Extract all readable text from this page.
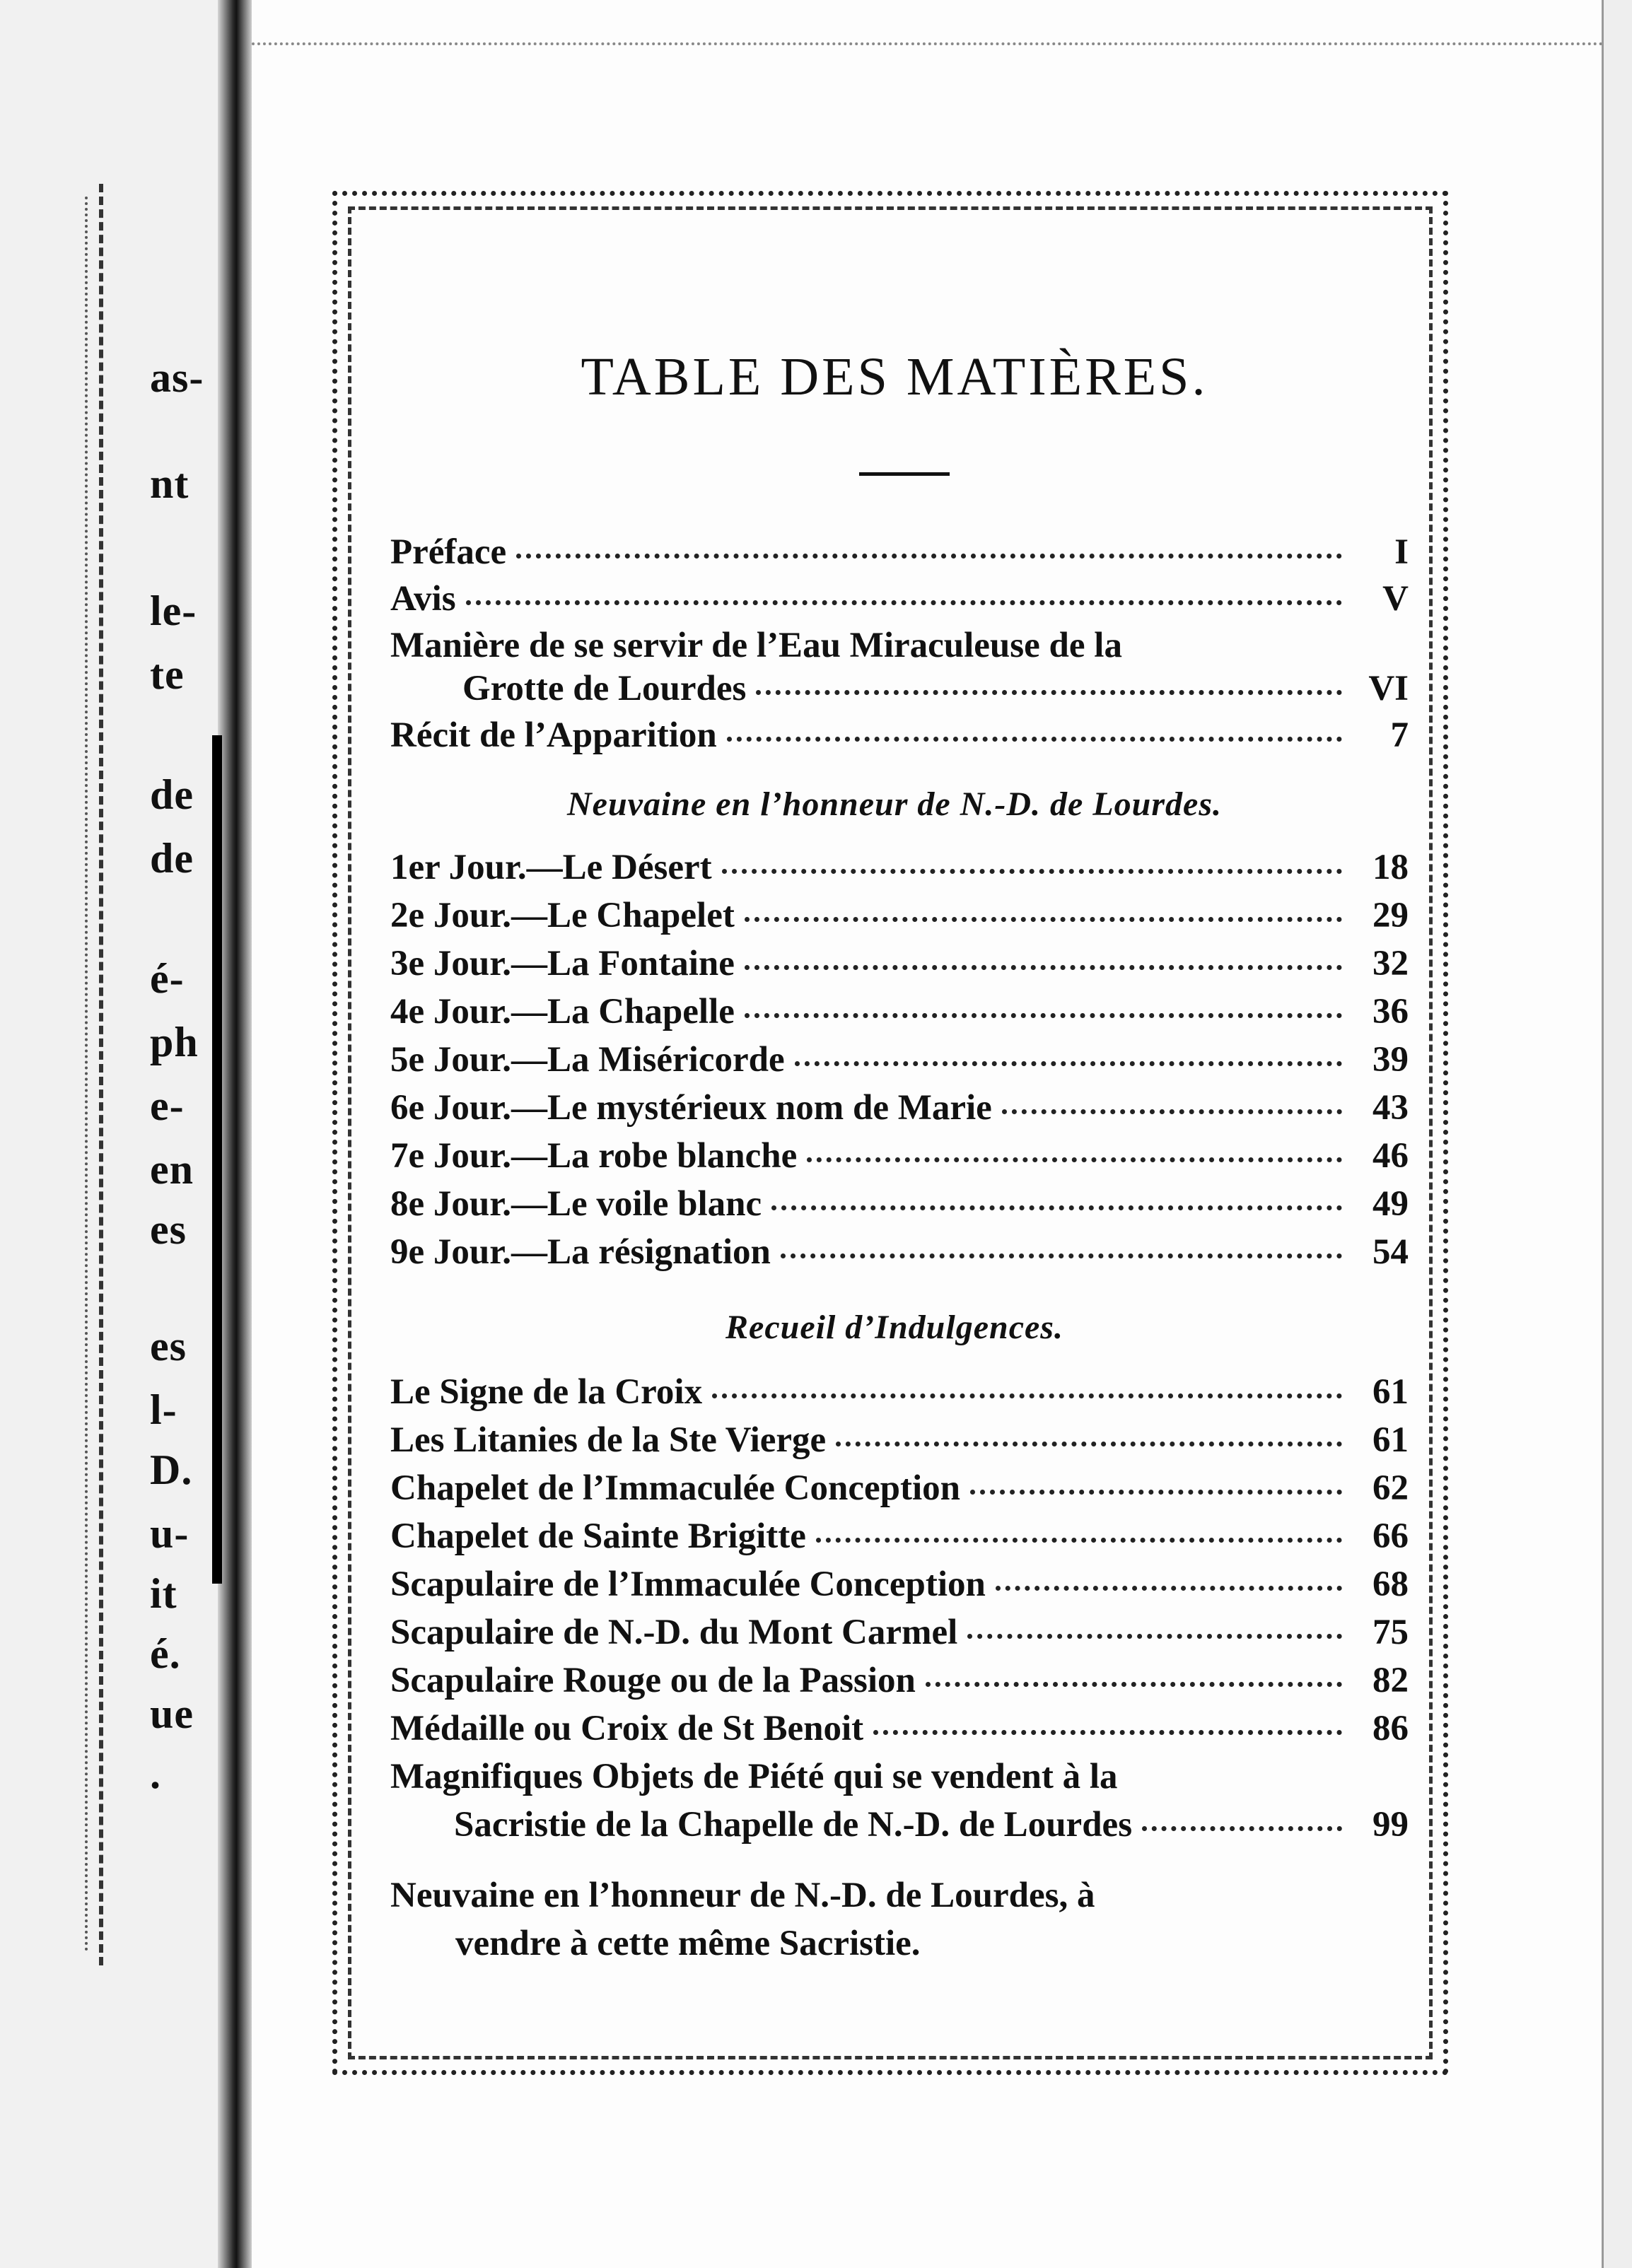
as-
nt
le-
te
de
de
é-
ph
e-
en
es
es
l-
D.
u-
it
é.
ue
.
TABLE DES MATIÈRES.
Préface	I
Avis	V
Manière de se servir de l’Eau Miraculeuse de la
Grotte de Lourdes	VI
Récit de l’Apparition	7
Neuvaine en l’honneur de N.-D. de Lourdes.
1er Jour.—Le Désert	18
2e Jour.—Le Chapelet	29
3e Jour.—La Fontaine	32
4e Jour.—La Chapelle	36
5e Jour.—La Miséricorde	39
6e Jour.—Le mystérieux nom de Marie	43
7e Jour.—La robe blanche	46
8e Jour.—Le voile blanc	49
9e Jour.—La résignation	54
Recueil d’Indulgences.
Le Signe de la Croix	61
Les Litanies de la Ste Vierge	61
Chapelet de l’Immaculée Conception	62
Chapelet de Sainte Brigitte	66
Scapulaire de l’Immaculée Conception	68
Scapulaire de N.-D. du Mont Carmel	75
Scapulaire Rouge ou de la Passion	82
Médaille ou Croix de St Benoit	86
Magnifiques Objets de Piété qui se vendent à la
Sacristie de la Chapelle de N.-D. de Lourdes	99
Neuvaine en l’honneur de N.-D. de Lourdes, à
vendre à cette même Sacristie.
